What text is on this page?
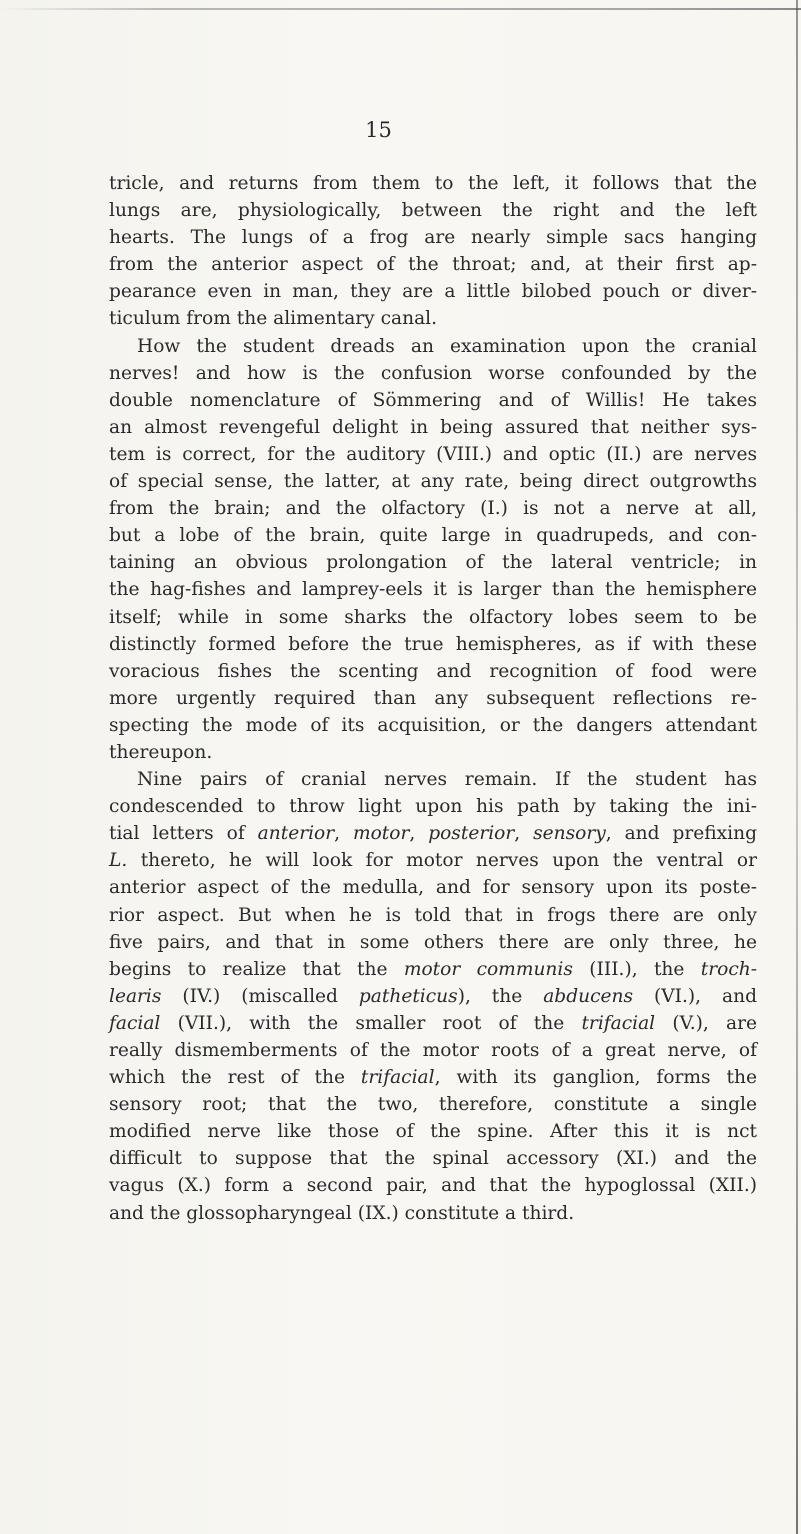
15
tricle, and returns from them to the left, it follows that the
lungs are, physiologically, between the right and the left
hearts. The lungs of a frog are nearly simple sacs hanging
from the anterior aspect of the throat; and, at their first ap-
pearance even in man, they are a little bilobed pouch or diver-
ticulum from the alimentary canal.
How the student dreads an examination upon the cranial
nerves! and how is the confusion worse confounded by the
double nomenclature of Sömmering and of Willis! He takes
an almost revengeful delight in being assured that neither sys-
tem is correct, for the auditory (VIII.) and optic (II.) are nerves
of special sense, the latter, at any rate, being direct outgrowths
from the brain; and the olfactory (I.) is not a nerve at all,
but a lobe of the brain, quite large in quadrupeds, and con-
taining an obvious prolongation of the lateral ventricle; in
the hag-fishes and lamprey-eels it is larger than the hemisphere
itself; while in some sharks the olfactory lobes seem to be
distinctly formed before the true hemispheres, as if with these
voracious fishes the scenting and recognition of food were
more urgently required than any subsequent reflections re-
specting the mode of its acquisition, or the dangers attendant
thereupon.
Nine pairs of cranial nerves remain. If the student has
condescended to throw light upon his path by taking the ini-
tial letters of anterior, motor, posterior, sensory, and prefixing
L. thereto, he will look for motor nerves upon the ventral or
anterior aspect of the medulla, and for sensory upon its poste-
rior aspect. But when he is told that in frogs there are only
five pairs, and that in some others there are only three, he
begins to realize that the motor communis (III.), the troch-
learis (IV.) (miscalled patheticus), the abducens (VI.), and
facial (VII.), with the smaller root of the trifacial (V.), are
really dismemberments of the motor roots of a great nerve, of
which the rest of the trifacial, with its ganglion, forms the
sensory root; that the two, therefore, constitute a single
modified nerve like those of the spine. After this it is nct
difficult to suppose that the spinal accessory (XI.) and the
vagus (X.) form a second pair, and that the hypoglossal (XII.)
and the glossopharyngeal (IX.) constitute a third.
